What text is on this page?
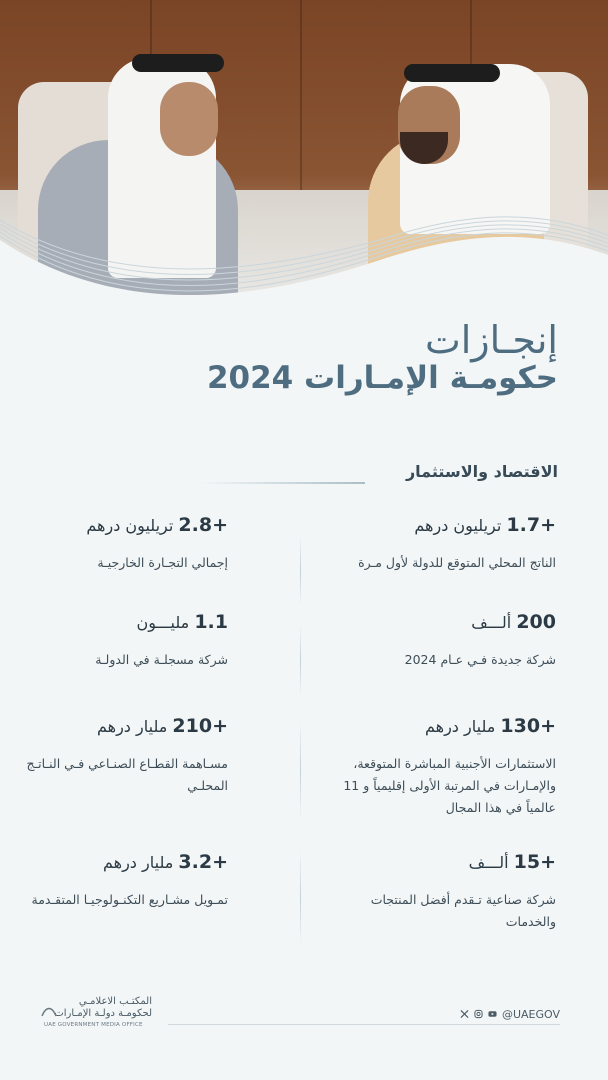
إنجـازات
حكومـة الإمـارات 2024
الاقتصاد والاستثمار

+1.7 تريليون درهم

الناتج المحلي المتوقع للدولة لأول مـرة

+2.8 تريليون درهم

إجمالي التجـارة الخارجيـة

200 ألـــف

شركة جديدة فـي عـام 2024

1.1 مليـــون

شركة مسجلـة في الدولـة

+130 مليار درهم

الاستثمارات الأجنبية المباشرة المتوقعة، والإمـارات في المرتبة الأولى إقليمياً و 11 عالمياً في هذا المجال

+210 مليار درهم

مسـاهمة القطـاع الصنـاعي فـي النـاتـج المحلـي

+15 ألـــف

شركة صناعية تـقدم أفضل المنتجات والخدمات

+3.2 مليار درهم

تمـويل مشـاريع التكنـولوجيـا المتقـدمة

@UAEGOV
المكتـب الاعلامـي
لحكومـة دولـة الإمـارات
UAE GOVERNMENT MEDIA OFFICE
